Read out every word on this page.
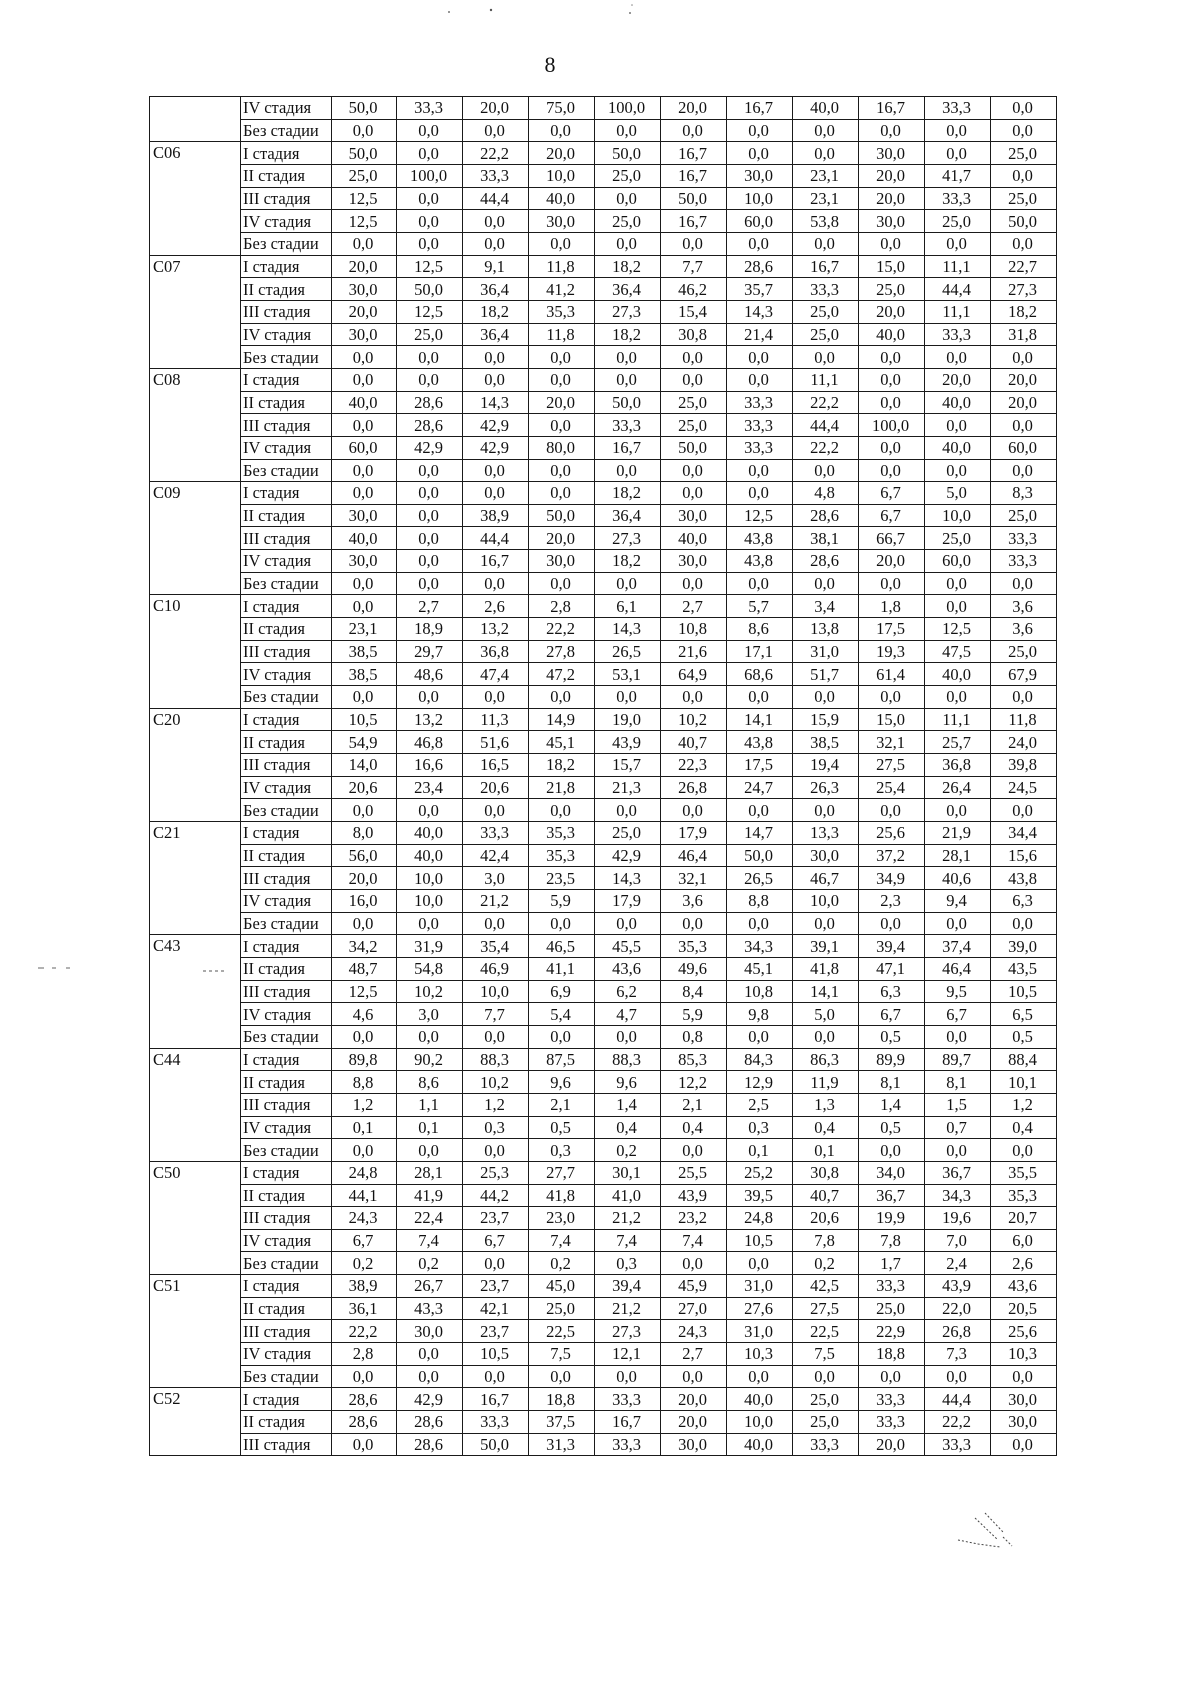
8
	IV стадия	50,0	33,3	20,0	75,0	100,0	20,0	16,7	40,0	16,7	33,3	0,0
	Без стадии	0,0	0,0	0,0	0,0	0,0	0,0	0,0	0,0	0,0	0,0	0,0
C06	I стадия	50,0	0,0	22,2	20,0	50,0	16,7	0,0	0,0	30,0	0,0	25,0
	II стадия	25,0	100,0	33,3	10,0	25,0	16,7	30,0	23,1	20,0	41,7	0,0
	III стадия	12,5	0,0	44,4	40,0	0,0	50,0	10,0	23,1	20,0	33,3	25,0
	IV стадия	12,5	0,0	0,0	30,0	25,0	16,7	60,0	53,8	30,0	25,0	50,0
	Без стадии	0,0	0,0	0,0	0,0	0,0	0,0	0,0	0,0	0,0	0,0	0,0
C07	I стадия	20,0	12,5	9,1	11,8	18,2	7,7	28,6	16,7	15,0	11,1	22,7
	II стадия	30,0	50,0	36,4	41,2	36,4	46,2	35,7	33,3	25,0	44,4	27,3
	III стадия	20,0	12,5	18,2	35,3	27,3	15,4	14,3	25,0	20,0	11,1	18,2
	IV стадия	30,0	25,0	36,4	11,8	18,2	30,8	21,4	25,0	40,0	33,3	31,8
	Без стадии	0,0	0,0	0,0	0,0	0,0	0,0	0,0	0,0	0,0	0,0	0,0
C08	I стадия	0,0	0,0	0,0	0,0	0,0	0,0	0,0	11,1	0,0	20,0	20,0
	II стадия	40,0	28,6	14,3	20,0	50,0	25,0	33,3	22,2	0,0	40,0	20,0
	III стадия	0,0	28,6	42,9	0,0	33,3	25,0	33,3	44,4	100,0	0,0	0,0
	IV стадия	60,0	42,9	42,9	80,0	16,7	50,0	33,3	22,2	0,0	40,0	60,0
	Без стадии	0,0	0,0	0,0	0,0	0,0	0,0	0,0	0,0	0,0	0,0	0,0
C09	I стадия	0,0	0,0	0,0	0,0	18,2	0,0	0,0	4,8	6,7	5,0	8,3
	II стадия	30,0	0,0	38,9	50,0	36,4	30,0	12,5	28,6	6,7	10,0	25,0
	III стадия	40,0	0,0	44,4	20,0	27,3	40,0	43,8	38,1	66,7	25,0	33,3
	IV стадия	30,0	0,0	16,7	30,0	18,2	30,0	43,8	28,6	20,0	60,0	33,3
	Без стадии	0,0	0,0	0,0	0,0	0,0	0,0	0,0	0,0	0,0	0,0	0,0
C10	I стадия	0,0	2,7	2,6	2,8	6,1	2,7	5,7	3,4	1,8	0,0	3,6
	II стадия	23,1	18,9	13,2	22,2	14,3	10,8	8,6	13,8	17,5	12,5	3,6
	III стадия	38,5	29,7	36,8	27,8	26,5	21,6	17,1	31,0	19,3	47,5	25,0
	IV стадия	38,5	48,6	47,4	47,2	53,1	64,9	68,6	51,7	61,4	40,0	67,9
	Без стадии	0,0	0,0	0,0	0,0	0,0	0,0	0,0	0,0	0,0	0,0	0,0
C20	I стадия	10,5	13,2	11,3	14,9	19,0	10,2	14,1	15,9	15,0	11,1	11,8
	II стадия	54,9	46,8	51,6	45,1	43,9	40,7	43,8	38,5	32,1	25,7	24,0
	III стадия	14,0	16,6	16,5	18,2	15,7	22,3	17,5	19,4	27,5	36,8	39,8
	IV стадия	20,6	23,4	20,6	21,8	21,3	26,8	24,7	26,3	25,4	26,4	24,5
	Без стадии	0,0	0,0	0,0	0,0	0,0	0,0	0,0	0,0	0,0	0,0	0,0
C21	I стадия	8,0	40,0	33,3	35,3	25,0	17,9	14,7	13,3	25,6	21,9	34,4
	II стадия	56,0	40,0	42,4	35,3	42,9	46,4	50,0	30,0	37,2	28,1	15,6
	III стадия	20,0	10,0	3,0	23,5	14,3	32,1	26,5	46,7	34,9	40,6	43,8
	IV стадия	16,0	10,0	21,2	5,9	17,9	3,6	8,8	10,0	2,3	9,4	6,3
	Без стадии	0,0	0,0	0,0	0,0	0,0	0,0	0,0	0,0	0,0	0,0	0,0
C43	I стадия	34,2	31,9	35,4	46,5	45,5	35,3	34,3	39,1	39,4	37,4	39,0
	II стадия	48,7	54,8	46,9	41,1	43,6	49,6	45,1	41,8	47,1	46,4	43,5
	III стадия	12,5	10,2	10,0	6,9	6,2	8,4	10,8	14,1	6,3	9,5	10,5
	IV стадия	4,6	3,0	7,7	5,4	4,7	5,9	9,8	5,0	6,7	6,7	6,5
	Без стадии	0,0	0,0	0,0	0,0	0,0	0,8	0,0	0,0	0,5	0,0	0,5
C44	I стадия	89,8	90,2	88,3	87,5	88,3	85,3	84,3	86,3	89,9	89,7	88,4
	II стадия	8,8	8,6	10,2	9,6	9,6	12,2	12,9	11,9	8,1	8,1	10,1
	III стадия	1,2	1,1	1,2	2,1	1,4	2,1	2,5	1,3	1,4	1,5	1,2
	IV стадия	0,1	0,1	0,3	0,5	0,4	0,4	0,3	0,4	0,5	0,7	0,4
	Без стадии	0,0	0,0	0,0	0,3	0,2	0,0	0,1	0,1	0,0	0,0	0,0
C50	I стадия	24,8	28,1	25,3	27,7	30,1	25,5	25,2	30,8	34,0	36,7	35,5
	II стадия	44,1	41,9	44,2	41,8	41,0	43,9	39,5	40,7	36,7	34,3	35,3
	III стадия	24,3	22,4	23,7	23,0	21,2	23,2	24,8	20,6	19,9	19,6	20,7
	IV стадия	6,7	7,4	6,7	7,4	7,4	7,4	10,5	7,8	7,8	7,0	6,0
	Без стадии	0,2	0,2	0,0	0,2	0,3	0,0	0,0	0,2	1,7	2,4	2,6
C51	I стадия	38,9	26,7	23,7	45,0	39,4	45,9	31,0	42,5	33,3	43,9	43,6
	II стадия	36,1	43,3	42,1	25,0	21,2	27,0	27,6	27,5	25,0	22,0	20,5
	III стадия	22,2	30,0	23,7	22,5	27,3	24,3	31,0	22,5	22,9	26,8	25,6
	IV стадия	2,8	0,0	10,5	7,5	12,1	2,7	10,3	7,5	18,8	7,3	10,3
	Без стадии	0,0	0,0	0,0	0,0	0,0	0,0	0,0	0,0	0,0	0,0	0,0
C52	I стадия	28,6	42,9	16,7	18,8	33,3	20,0	40,0	25,0	33,3	44,4	30,0
	II стадия	28,6	28,6	33,3	37,5	16,7	20,0	10,0	25,0	33,3	22,2	30,0
	III стадия	0,0	28,6	50,0	31,3	33,3	30,0	40,0	33,3	20,0	33,3	0,0
